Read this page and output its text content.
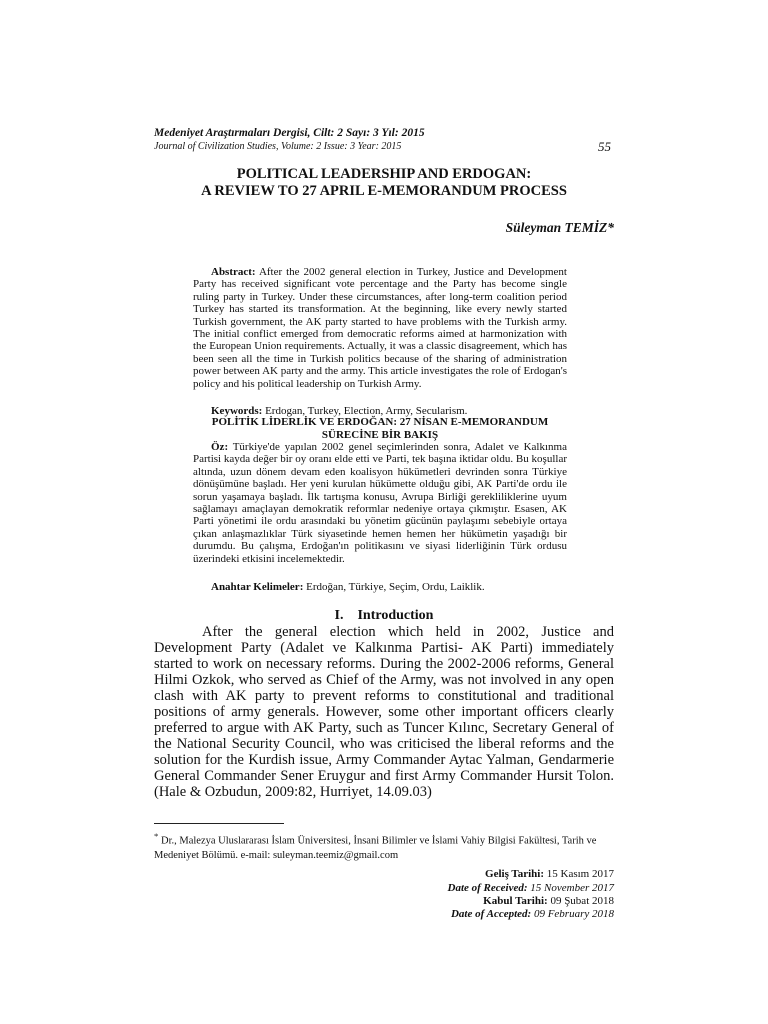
Medeniyet Araştırmaları Dergisi, Cilt: 2 Sayı: 3 Yıl: 2015
Journal of Civilization Studies, Volume: 2 Issue: 3 Year: 2015	55
POLITICAL LEADERSHIP AND ERDOGAN:
A REVIEW TO 27 APRIL E-MEMORANDUM PROCESS
Süleyman TEMİZ*
Abstract: After the 2002 general election in Turkey, Justice and Development Party has received significant vote percentage and the Party has become single ruling party in Turkey. Under these circumstances, after long-term coalition period Turkey has started its transformation. At the beginning, like every newly started Turkish government, the AK party started to have problems with the Turkish army. The initial conflict emerged from democratic reforms aimed at harmonization with the European Union requirements. Actually, it was a classic disagreement, which has been seen all the time in Turkish politics because of the sharing of administration power between AK party and the army. This article investigates the role of Erdogan's policy and his political leadership on Turkish Army.
Keywords: Erdogan, Turkey, Election, Army, Secularism.
POLİTİK LİDERLİK VE ERDOĞAN: 27 NİSAN E-MEMORANDUM
SÜRECİNE BİR BAKIŞ
Öz: Türkiye'de yapılan 2002 genel seçimlerinden sonra, Adalet ve Kalkınma Partisi kayda değer bir oy oranı elde etti ve Parti, tek başına iktidar oldu. Bu koşullar altında, uzun dönem devam eden koalisyon hükümetleri devrinden sonra Türkiye dönüşümüne başladı. Her yeni kurulan hükümette olduğu gibi, AK Parti'de ordu ile sorun yaşamaya başladı. İlk tartışma konusu, Avrupa Birliği gerekliliklerine uyum sağlamayı amaçlayan demokratik reformlar nedeniye ortaya çıkmıştır. Esasen, AK Parti yönetimi ile ordu arasındaki bu yönetim gücünün paylaşımı sebebiyle ortaya çıkan anlaşmazlıklar Türk siyasetinde hemen hemen her hükümetin yaşadığı bir durumdu. Bu çalışma, Erdoğan'ın politikasını ve siyasi liderliğinin Türk ordusu üzerindeki etkisini incelemektedir.
Anahtar Kelimeler: Erdoğan, Türkiye, Seçim, Ordu, Laiklik.
I.    Introduction
After the general election which held in 2002, Justice and Development Party (Adalet ve Kalkınma Partisi- AK Parti) immediately started to work on necessary reforms. During the 2002-2006 reforms, General Hilmi Ozkok, who served as Chief of the Army, was not involved in any open clash with AK party to prevent reforms to constitutional and traditional positions of army generals. However, some other important officers clearly preferred to argue with AK Party, such as Tuncer Kılınc, Secretary General of the National Security Council, who was criticised the liberal reforms and the solution for the Kurdish issue, Army Commander Aytac Yalman, Gendarmerie General Commander Sener Eruygur and first Army Commander Hursit Tolon. (Hale & Ozbudun, 2009:82, Hurriyet, 14.09.03)
* Dr., Malezya Uluslararası İslam Üniversitesi, İnsani Bilimler ve İslami Vahiy Bilgisi Fakültesi, Tarih ve Medeniyet Bölümü. e-mail: suleyman.teemiz@gmail.com
Geliş Tarihi: 15 Kasım 2017
Date of Received: 15 November 2017
Kabul Tarihi: 09 Şubat 2018
Date of Accepted: 09 February 2018
